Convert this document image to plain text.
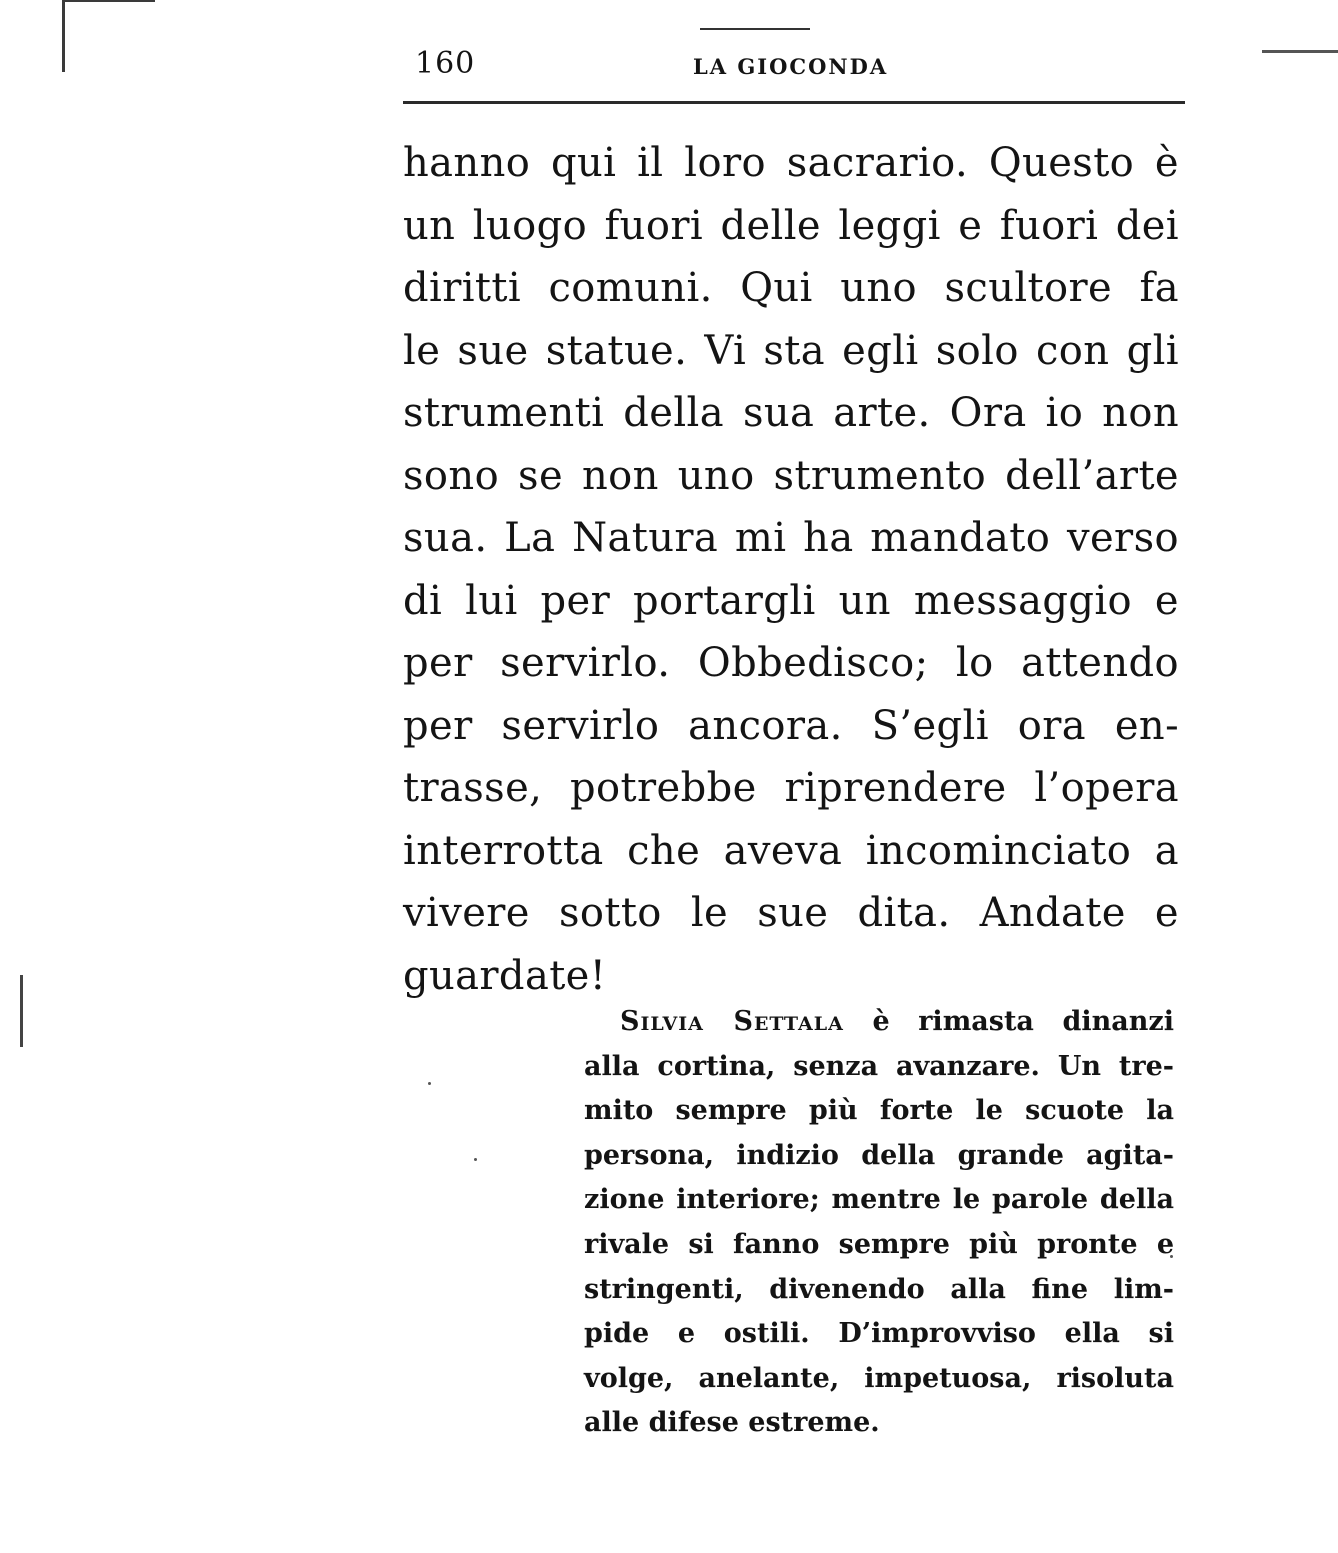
160	LA GIOCONDA
hanno qui il loro sacrario. Questo è
un luogo fuori delle leggi e fuori dei
diritti comuni. Qui uno scultore fa
le sue statue. Vi sta egli solo con gli
strumenti della sua arte. Ora io non
sono se non uno strumento dell’arte
sua. La Natura mi ha mandato verso
di lui per portargli un messaggio e
per servirlo. Obbedisco; lo attendo
per servirlo ancora. S’egli ora en-
trasse, potrebbe riprendere l’opera
interrotta che aveva incominciato a
vivere sotto le sue dita. Andate e
guardate!
Silvia Settala è rimasta dinanzi
alla cortina, senza avanzare. Un tre-
mito sempre più forte le scuote la
persona, indizio della grande agita-
zione interiore; mentre le parole della
rivale si fanno sempre più pronte e
stringenti, divenendo alla fine lim-
pide e ostili. D’improvviso ella si
volge, anelante, impetuosa, risoluta
alle difese estreme.
